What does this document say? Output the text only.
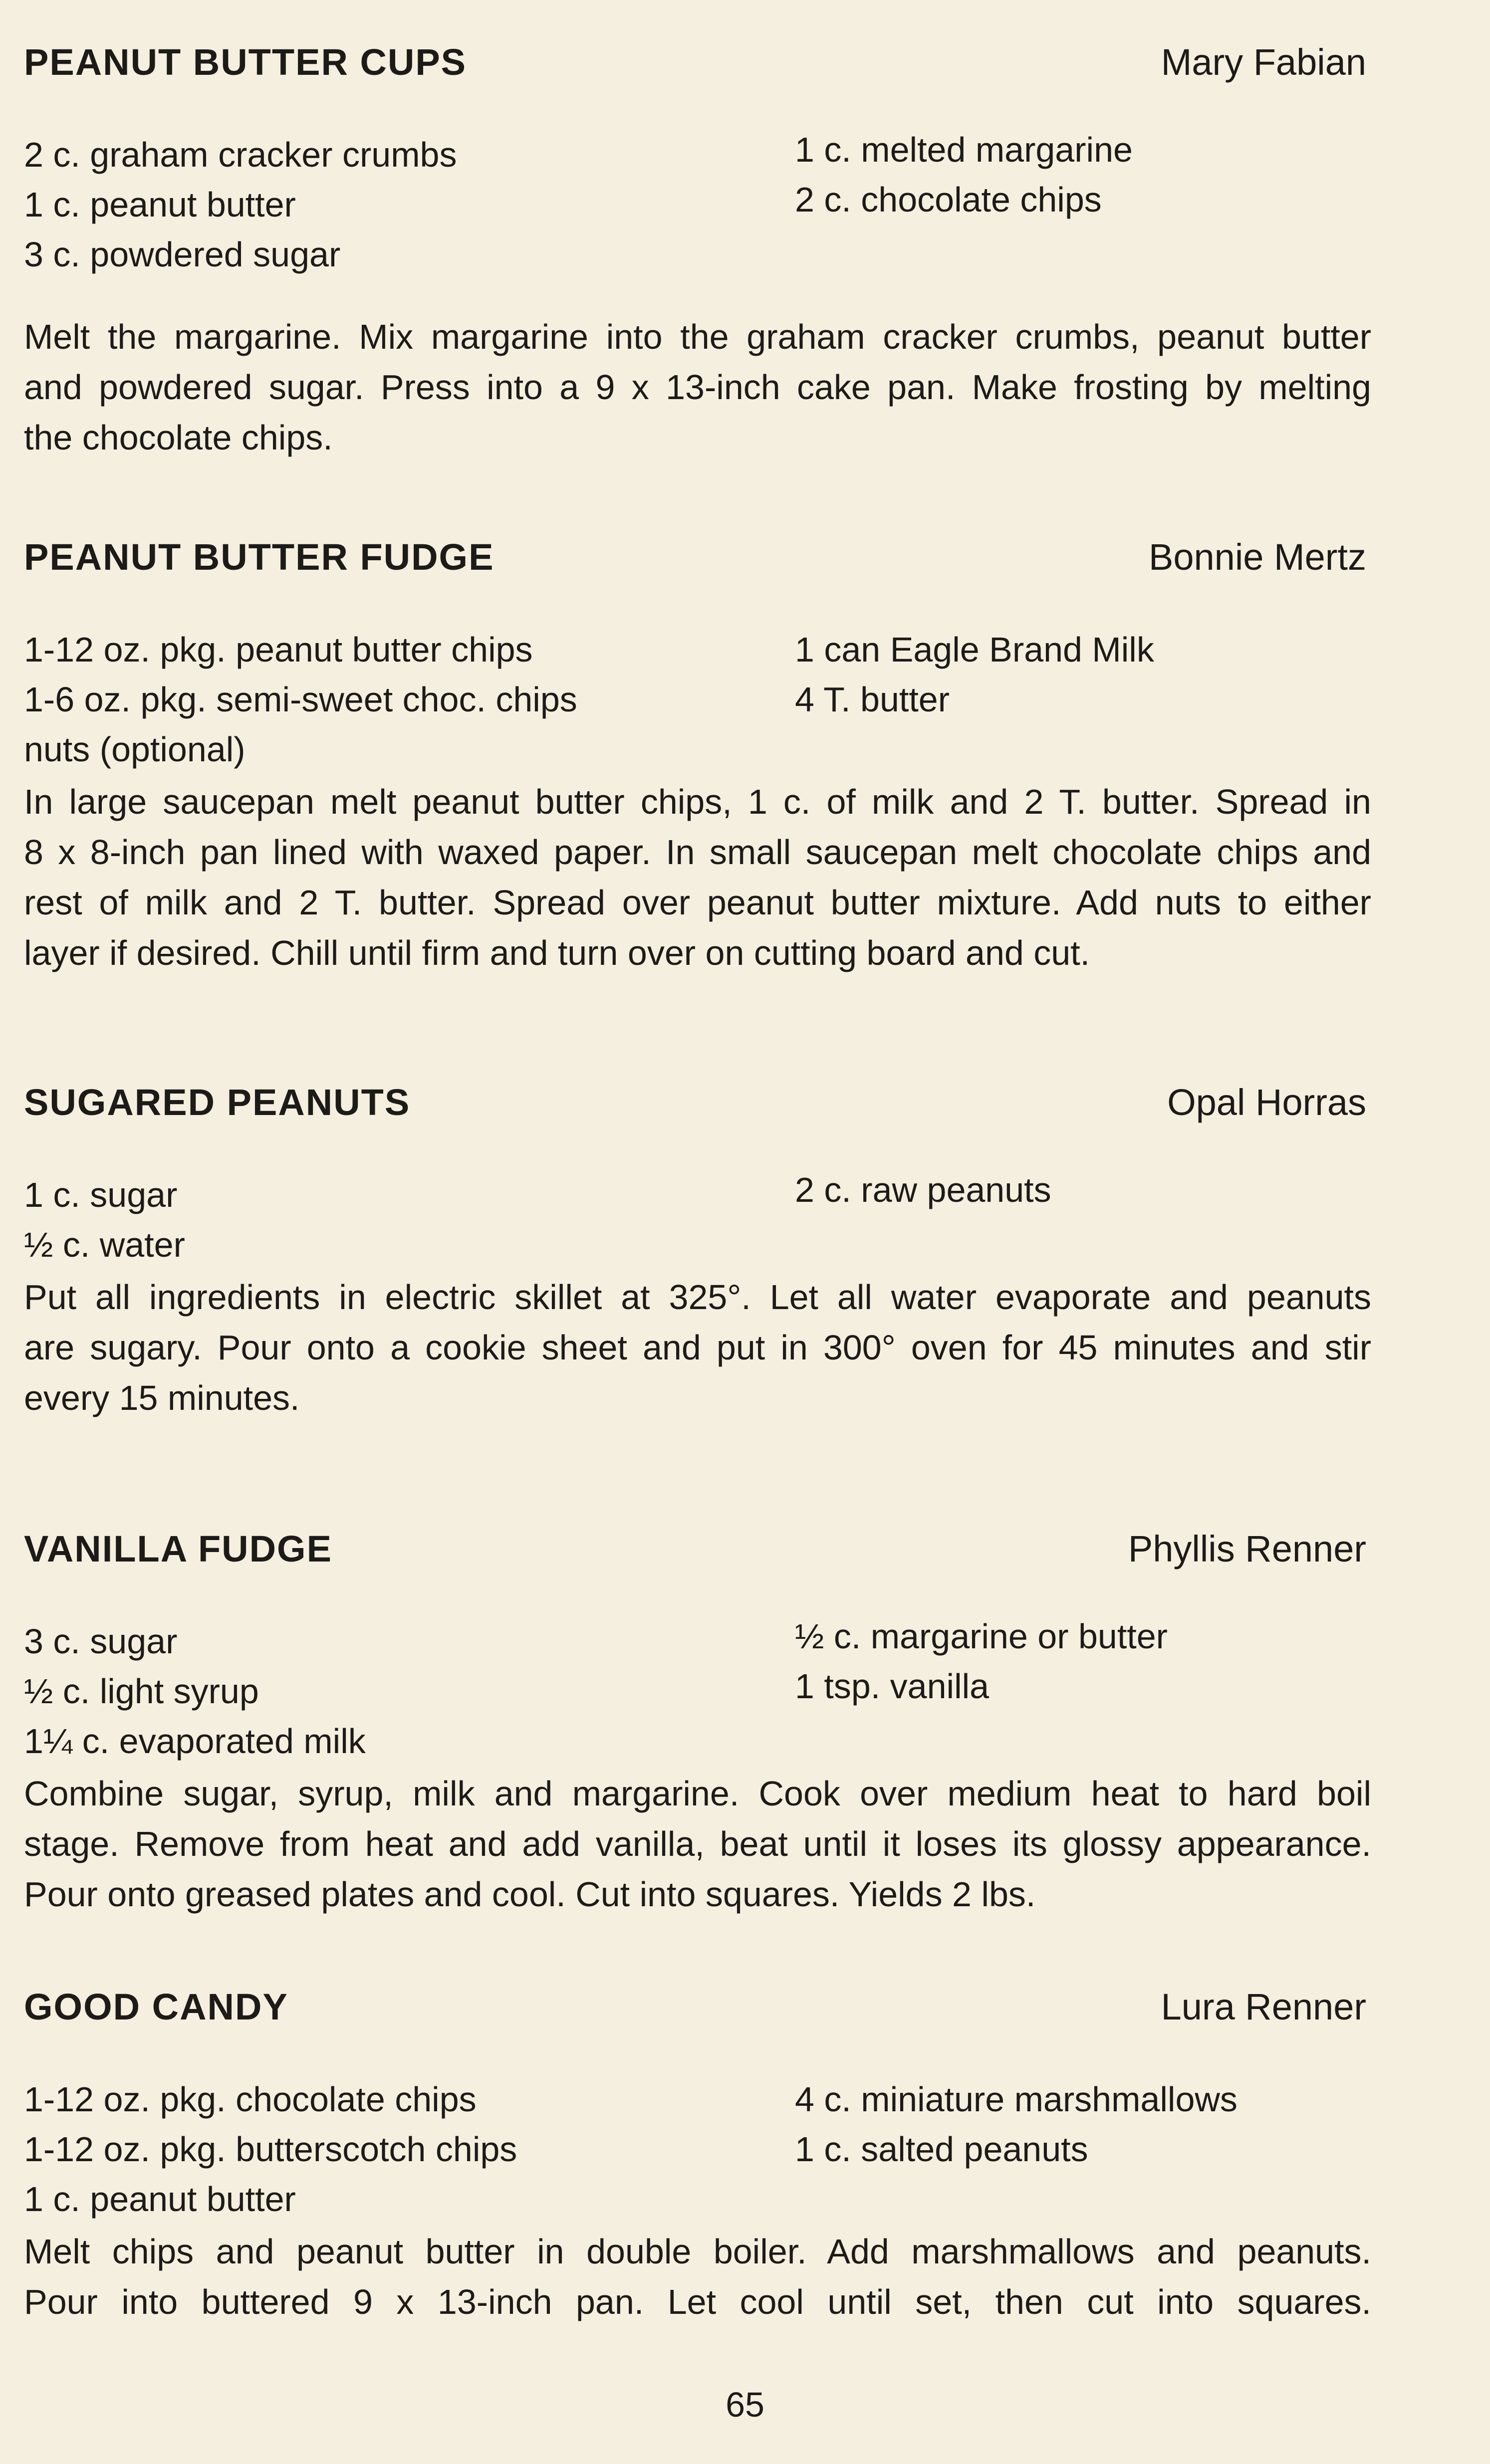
PEANUT BUTTER CUPS	Mary Fabian
2 c. graham cracker crumbs
1 c. peanut butter
3 c. powdered sugar
1 c. melted margarine
2 c. chocolate chips
Melt the margarine. Mix margarine into the graham cracker crumbs, peanut butter
and powdered sugar. Press into a 9 x 13-inch cake pan. Make frosting by melting
the chocolate chips.
PEANUT BUTTER FUDGE	Bonnie Mertz
1-12 oz. pkg. peanut butter chips
1-6 oz. pkg. semi-sweet choc. chips
nuts (optional)
1 can Eagle Brand Milk
4 T. butter
In large saucepan melt peanut butter chips, 1 c. of milk and 2 T. butter. Spread in
8 x 8-inch pan lined with waxed paper. In small saucepan melt chocolate chips and
rest of milk and 2 T. butter. Spread over peanut butter mixture. Add nuts to either
layer if desired. Chill until firm and turn over on cutting board and cut.
SUGARED PEANUTS	Opal Horras
1 c. sugar
½ c. water
2 c. raw peanuts
Put all ingredients in electric skillet at 325°. Let all water evaporate and peanuts
are sugary. Pour onto a cookie sheet and put in 300° oven for 45 minutes and stir
every 15 minutes.
VANILLA FUDGE	Phyllis Renner
3 c. sugar
½ c. light syrup
1¼ c. evaporated milk
½ c. margarine or butter
1 tsp. vanilla
Combine sugar, syrup, milk and margarine. Cook over medium heat to hard boil
stage. Remove from heat and add vanilla, beat until it loses its glossy appearance.
Pour onto greased plates and cool. Cut into squares. Yields 2 lbs.
GOOD CANDY	Lura Renner
1-12 oz. pkg. chocolate chips
1-12 oz. pkg. butterscotch chips
1 c. peanut butter
4 c. miniature marshmallows
1 c. salted peanuts
Melt chips and peanut butter in double boiler. Add marshmallows and peanuts.
Pour into buttered 9 x 13-inch pan. Let cool until set, then cut into squares.
65
